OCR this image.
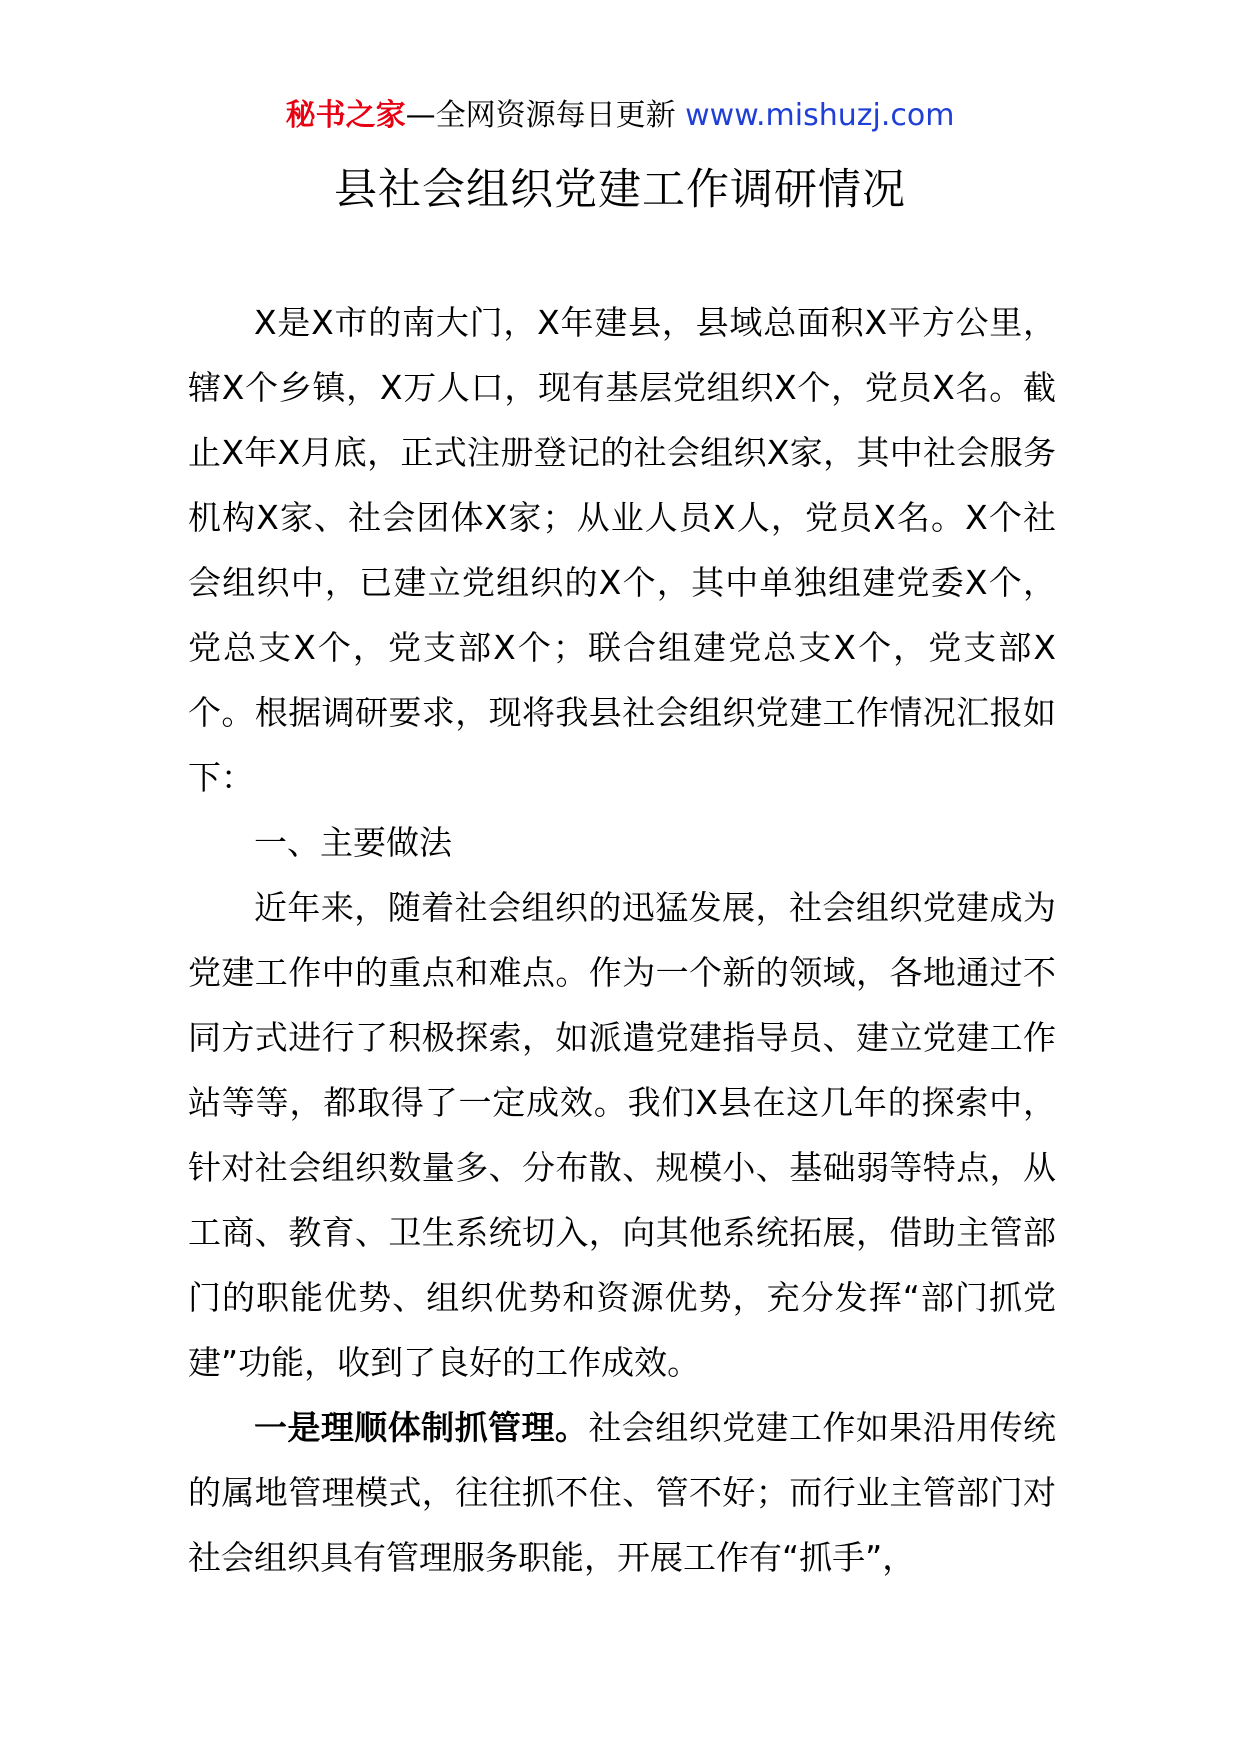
秘书之家—全网资源每日更新 www.mishuzj.com
县社会组织党建工作调研情况

X是X市的南大门，X年建县，县域总面积X平方公里，辖X个乡镇，X万人口，现有基层党组织X个，党员X名。截止X年X月底，正式注册登记的社会组织X家，其中社会服务机构X家、社会团体X家；从业人员X人，党员X名。X个社会组织中，已建立党组织的X个，其中单独组建党委X个，党总支X个，党支部X个；联合组建党总支X个，党支部X个。根据调研要求，现将我县社会组织党建工作情况汇报如下：

一、主要做法

近年来，随着社会组织的迅猛发展，社会组织党建成为党建工作中的重点和难点。作为一个新的领域，各地通过不同方式进行了积极探索，如派遣党建指导员、建立党建工作站等等，都取得了一定成效。我们X县在这几年的探索中，针对社会组织数量多、分布散、规模小、基础弱等特点，从工商、教育、卫生系统切入，向其他系统拓展，借助主管部门的职能优势、组织优势和资源优势，充分发挥“部门抓党建”功能，收到了良好的工作成效。

一是理顺体制抓管理。社会组织党建工作如果沿用传统的属地管理模式，往往抓不住、管不好；而行业主管部门对社会组织具有管理服务职能，开展工作有“抓手”，
